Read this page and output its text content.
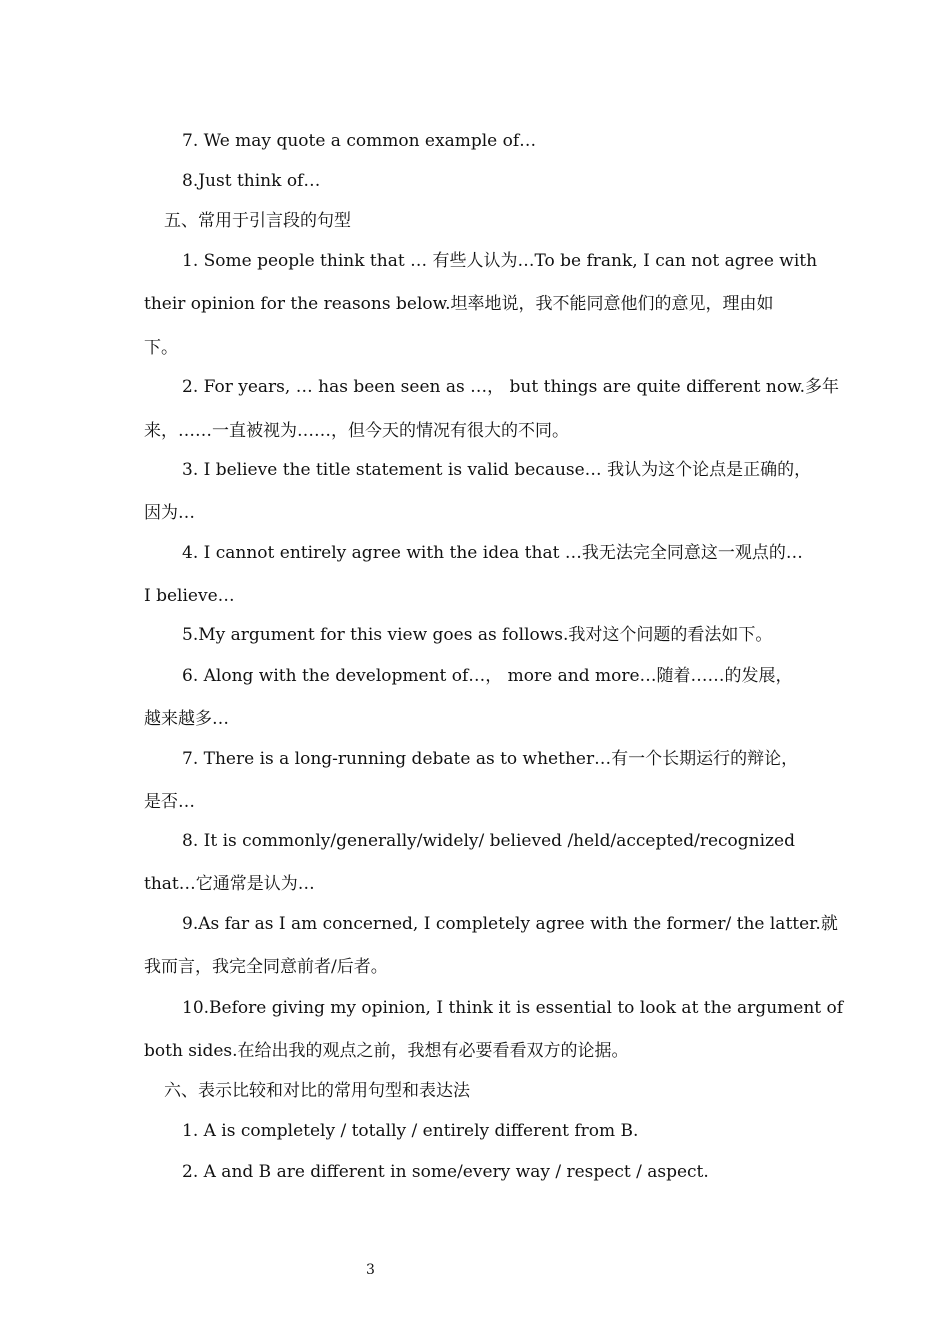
7. We may quote a common example of…
8.Just think of…
五、常用于引言段的句型
1. Some people think that … 有些人认为…To be frank, I can not agree with
their opinion for the reasons below.坦率地说，我不能同意他们的意见，理由如
下。
2. For years, … has been seen as …， but things are quite different now.多年
来，……一直被视为……，但今天的情况有很大的不同。
3. I believe the title statement is valid because… 我认为这个论点是正确的，
因为…
4. I cannot entirely agree with the idea that …我无法完全同意这一观点的…
I believe…
5.My argument for this view goes as follows.我对这个问题的看法如下。
6. Along with the development of…， more and more…随着……的发展，
越来越多…
7. There is a long-running debate as to whether…有一个长期运行的辩论，
是否…
8. It is commonly/generally/widely/ believed /held/accepted/recognized
that…它通常是认为…
9.As far as I am concerned, I completely agree with the former/ the latter.就
我而言，我完全同意前者/后者。
10.Before giving my opinion, I think it is essential to look at the argument of
both sides.在给出我的观点之前，我想有必要看看双方的论据。
六、表示比较和对比的常用句型和表达法
1. A is completely / totally / entirely different from B.
2. A and B are different in some/every way / respect / aspect.
3
